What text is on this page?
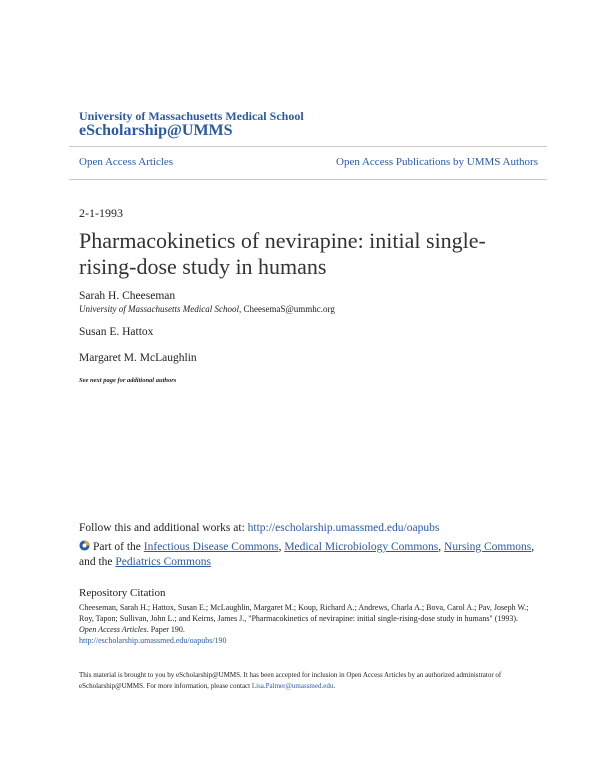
University of Massachusetts Medical School
eScholarship@UMMS
Open Access Articles	Open Access Publications by UMMS Authors
2-1-1993
Pharmacokinetics of nevirapine: initial single-rising-dose study in humans
Sarah H. Cheeseman
University of Massachusetts Medical School, CheesemaS@ummhc.org
Susan E. Hattox
Margaret M. McLaughlin
See next page for additional authors
Follow this and additional works at: http://escholarship.umassmed.edu/oapubs
Part of the Infectious Disease Commons, Medical Microbiology Commons, Nursing Commons, and the Pediatrics Commons
Repository Citation
Cheeseman, Sarah H.; Hattox, Susan E.; McLaughlin, Margaret M.; Koup, Richard A.; Andrews, Charla A.; Bova, Carol A.; Pav, Joseph W.; Roy, Tapon; Sullivan, John L.; and Keirns, James J., "Pharmacokinetics of nevirapine: initial single-rising-dose study in humans" (1993). Open Access Articles. Paper 190.
http://escholarship.umassmed.edu/oapubs/190
This material is brought to you by eScholarship@UMMS. It has been accepted for inclusion in Open Access Articles by an authorized administrator of eScholarship@UMMS. For more information, please contact Lisa.Palmer@umassmed.edu.
